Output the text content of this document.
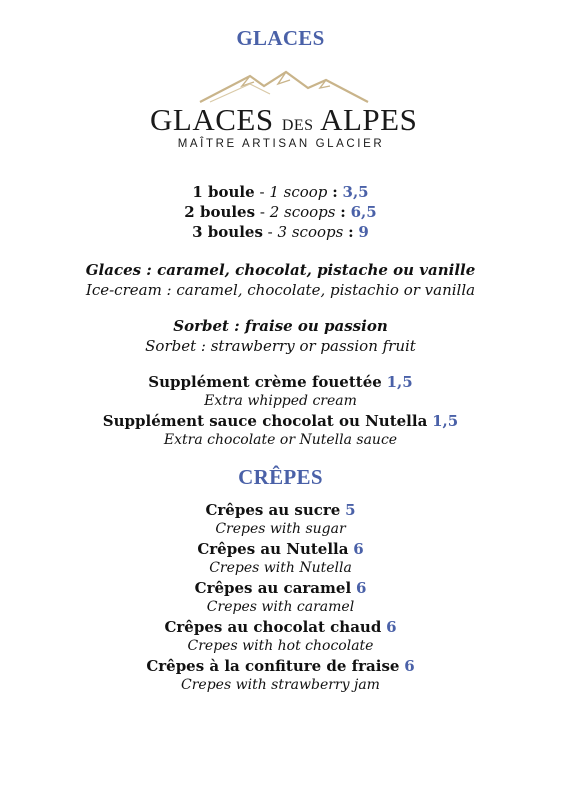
GLACES
GLACES DES ALPES
MAÎTRE ARTISAN GLACIER
1 boule - 1 scoop : 3,5
2 boules - 2 scoops : 6,5
3 boules - 3 scoops : 9
Glaces : caramel, chocolat, pistache ou vanille
Ice-cream : caramel, chocolate, pistachio or vanilla
Sorbet : fraise ou passion
Sorbet : strawberry or passion fruit
Supplément crème fouettée 1,5
Extra whipped cream
Supplément sauce chocolat ou Nutella 1,5
Extra chocolate or Nutella sauce
CRÊPES
Crêpes au sucre 5
Crepes with sugar
Crêpes au Nutella 6
Crepes with Nutella
Crêpes au caramel 6
Crepes with caramel
Crêpes au chocolat chaud 6
Crepes with hot chocolate
Crêpes à la confiture de fraise 6
Crepes with strawberry jam
